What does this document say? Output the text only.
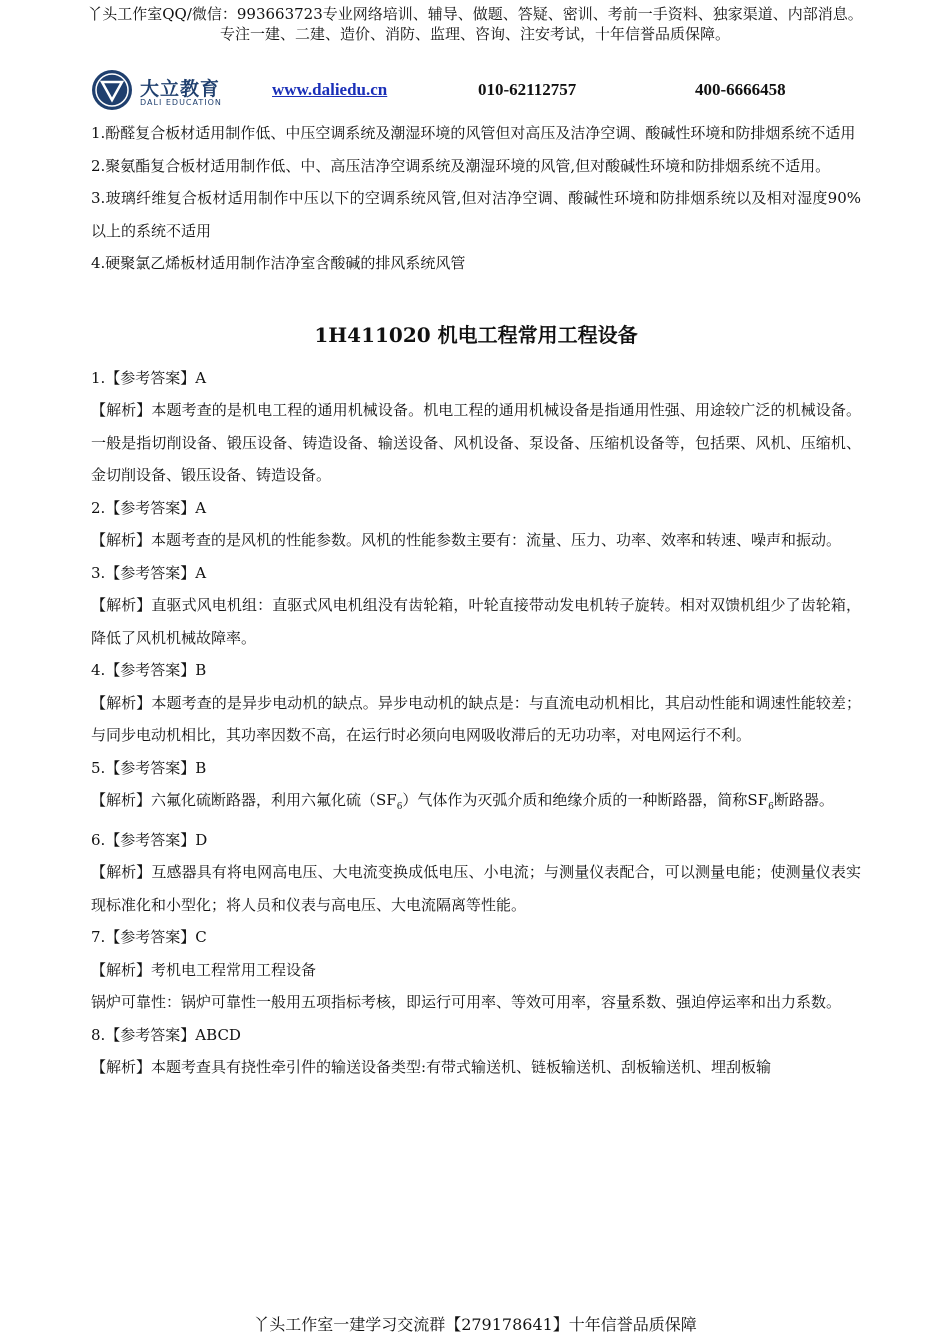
丫头工作室QQ/微信：993663723专业网络培训、辅导、做题、答疑、密训、考前一手资料、独家渠道、内部消息。
专注一建、二建、造价、消防、监理、咨询、注安考试，十年信誉品质保障。
大立教育
DALI EDUCATION
www.daliedu.cn	010-62112757	400-6666458

1.酚醛复合板材适用制作低、中压空调系统及潮湿环境的风管但对高压及洁净空调、酸碱性环境和防排烟系统不适用

2.聚氨酯复合板材适用制作低、中、高压洁净空调系统及潮湿环境的风管,但对酸碱性环境和防排烟系统不适用。

3.玻璃纤维复合板材适用制作中压以下的空调系统风管,但对洁净空调、酸碱性环境和防排烟系统以及相对湿度90%以上的系统不适用

4.硬聚氯乙烯板材适用制作洁净室含酸碱的排风系统风管

1H411020 机电工程常用工程设备

1.【参考答案】A

【解析】本题考查的是机电工程的通用机械设备。机电工程的通用机械设备是指通用性强、用途较广泛的机械设备。一般是指切削设备、锻压设备、铸造设备、输送设备、风机设备、泵设备、压缩机设备等，包括栗、风机、压缩机、金切削设备、锻压设备、铸造设备。

2.【参考答案】A

【解析】本题考查的是风机的性能参数。风机的性能参数主要有：流量、压力、功率、效率和转速、噪声和振动。

3.【参考答案】A

【解析】直驱式风电机组：直驱式风电机组没有齿轮箱，叶轮直接带动发电机转子旋转。相对双馈机组少了齿轮箱，降低了风机机械故障率。

4.【参考答案】B

【解析】本题考查的是异步电动机的缺点。异步电动机的缺点是：与直流电动机相比，其启动性能和调速性能较差；与同步电动机相比，其功率因数不高，在运行时必须向电网吸收滞后的无功功率，对电网运行不利。

5.【参考答案】B

【解析】六氟化硫断路器，利用六氟化硫$(SF_6)$气体作为灭弧介质和绝缘介质的一种断路器，简称$SF_6$断路器。

6.【参考答案】D

【解析】互感器具有将电网高电压、大电流变换成低电压、小电流；与测量仪表配合，可以测量电能；使测量仪表实现标准化和小型化；将人员和仪表与高电压、大电流隔离等性能。

7.【参考答案】C

【解析】考机电工程常用工程设备

锅炉可靠性：锅炉可靠性一般用五项指标考核，即运行可用率、等效可用率，容量系数、强迫停运率和出力系数。

8.【参考答案】ABCD

【解析】本题考查具有挠性牵引件的输送设备类型:有带式输送机、链板输送机、刮板输送机、埋刮板输

丫头工作室一建学习交流群【279178641】十年信誉品质保障
